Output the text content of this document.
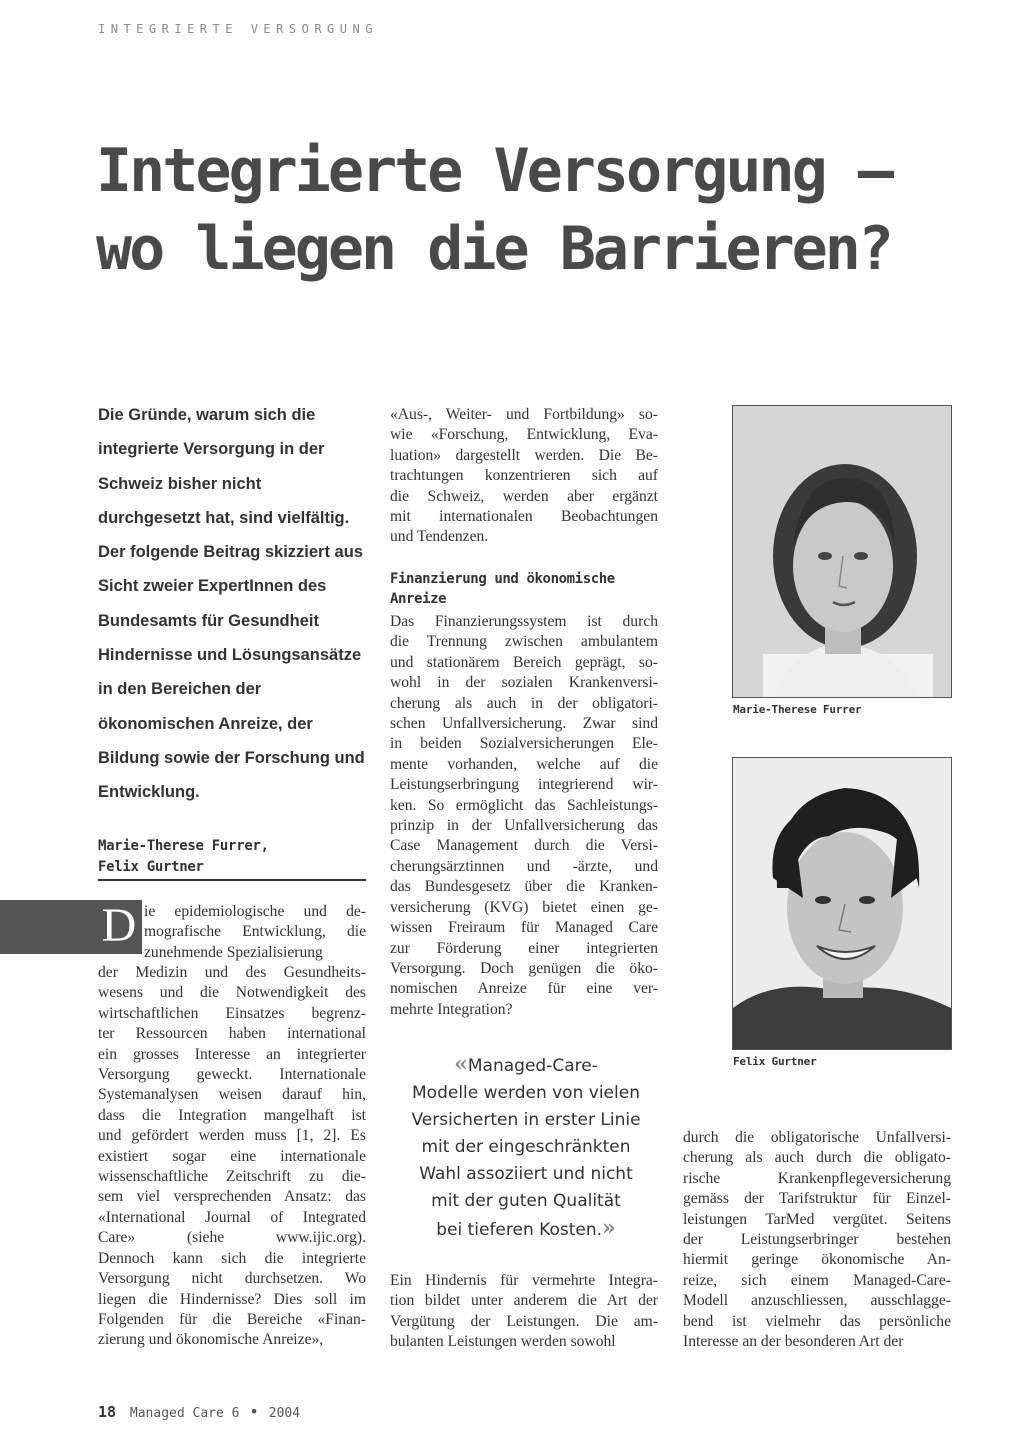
INTEGRIERTE VERSORGUNG
Integrierte Versorgung –
wo liegen die Barrieren?
Die Gründe, warum sich die integrierte Versorgung in der Schweiz bisher nicht durchgesetzt hat, sind vielfältig. Der folgende Beitrag skizziert aus Sicht zweier ExpertInnen des Bundesamts für Gesundheit Hindernisse und Lösungsansätze in den Bereichen der ökonomischen Anreize, der Bildung sowie der Forschung und Entwicklung.
Marie-Therese Furrer,
Felix Gurtner
D ie epidemiologische und de-
mografische Entwicklung, die
zunehmende Spezialisierung
der Medizin und des Gesundheits-
wesens und die Notwendigkeit des
wirtschaftlichen Einsatzes begrenz-
ter Ressourcen haben international
ein grosses Interesse an integrierter
Versorgung geweckt. Internationale
Systemanalysen weisen darauf hin,
dass die Integration mangelhaft ist
und gefördert werden muss [1, 2]. Es
existiert sogar eine internationale
wissenschaftliche Zeitschrift zu die-
sem viel versprechenden Ansatz: das
«International Journal of Integrated
Care» (siehe www.ijic.org).
Dennoch kann sich die integrierte
Versorgung nicht durchsetzen. Wo
liegen die Hindernisse? Dies soll im
Folgenden für die Bereiche «Finan-
zierung und ökonomische Anreize»,
«Aus-, Weiter- und Fortbildung» so-
wie «Forschung, Entwicklung, Eva-
luation» dargestellt werden. Die Be-
trachtungen konzentrieren sich auf
die Schweiz, werden aber ergänzt
mit internationalen Beobachtungen
und Tendenzen.
Finanzierung und ökonomische
Anreize
Das Finanzierungssystem ist durch
die Trennung zwischen ambulantem
und stationärem Bereich geprägt, so-
wohl in der sozialen Krankenversi-
cherung als auch in der obligatori-
schen Unfallversicherung. Zwar sind
in beiden Sozialversicherungen Ele-
mente vorhanden, welche auf die
Leistungserbringung integrierend wir-
ken. So ermöglicht das Sachleistungs-
prinzip in der Unfallversicherung das
Case Management durch die Versi-
cherungsärztinnen und -ärzte, und
das Bundesgesetz über die Kranken-
versicherung (KVG) bietet einen ge-
wissen Freiraum für Managed Care
zur Förderung einer integrierten
Versorgung. Doch genügen die öko-
nomischen Anreize für eine ver-
mehrte Integration?
«Managed-Care-
Modelle werden von vielen
Versicherten in erster Linie
mit der eingeschränkten
Wahl assoziiert und nicht
mit der guten Qualität
bei tieferen Kosten.»
Ein Hindernis für vermehrte Integra-
tion bildet unter anderem die Art der
Vergütung der Leistungen. Die am-
bulanten Leistungen werden sowohl
Marie-Therese Furrer
Felix Gurtner
durch die obligatorische Unfallversi-
cherung als auch durch die obligato-
rische Krankenpflegeversicherung
gemäss der Tarifstruktur für Einzel-
leistungen TarMed vergütet. Seitens
der Leistungserbringer bestehen
hiermit geringe ökonomische An-
reize, sich einem Managed-Care-
Modell anzuschliessen, ausschlagge-
bend ist vielmehr das persönliche
Interesse an der besonderen Art der
18 Managed Care 6 • 2004
